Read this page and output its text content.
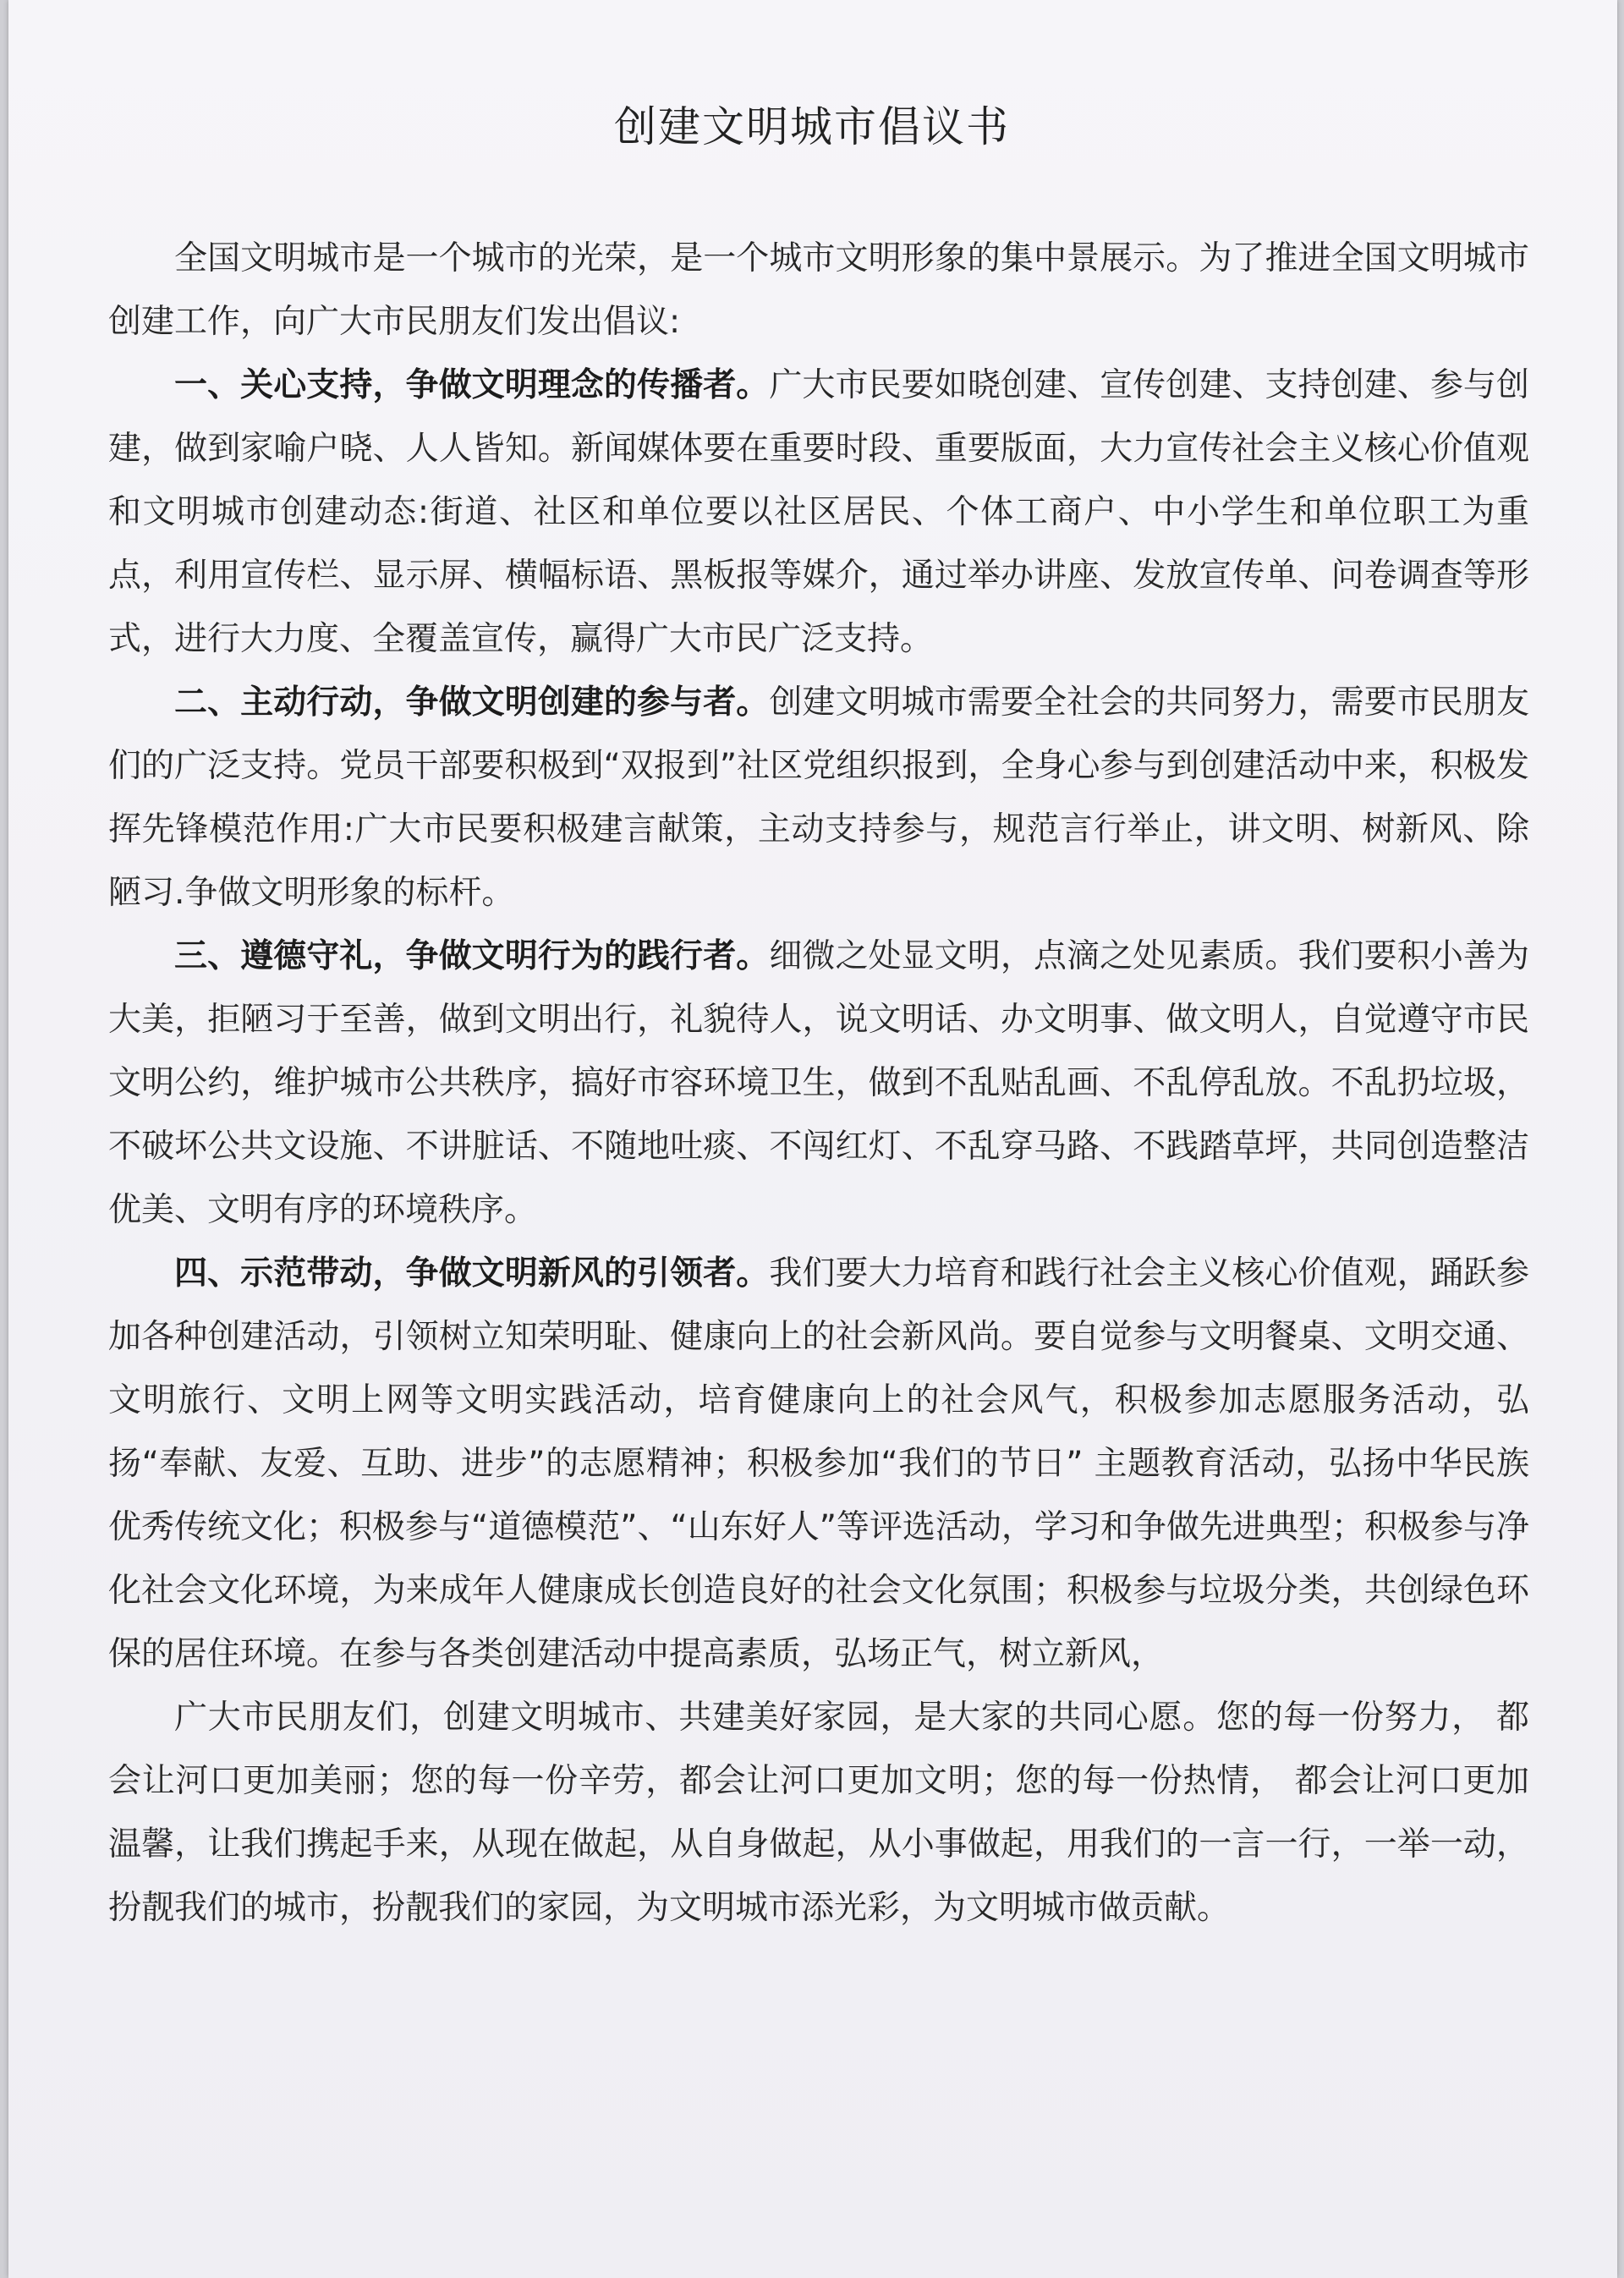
创建文明城市倡议书

全国文明城市是一个城市的光荣，是一个城市文明形象的集中景展示。为了推进全国文明城市创建工作，向广大市民朋友们发出倡议:

一、关心支持，争做文明理念的传播者。广大市民要如晓创建、宣传创建、支持创建、参与创建，做到家喻户晓、人人皆知。新闻媒体要在重要时段、重要版面，大力宣传社会主义核心价值观和文明城市创建动态:街道、社区和单位要以社区居民、个体工商户、中小学生和单位职工为重点，利用宣传栏、显示屏、横幅标语、黑板报等媒介，通过举办讲座、发放宣传单、问卷调查等形式，进行大力度、全覆盖宣传，赢得广大市民广泛支持。

二、主动行动，争做文明创建的参与者。创建文明城市需要全社会的共同努力，需要市民朋友们的广泛支持。党员干部要积极到“双报到”社区党组织报到，全身心参与到创建活动中来，积极发挥先锋模范作用:广大市民要积极建言献策，主动支持参与，规范言行举止，讲文明、树新风、除陋习.争做文明形象的标杆。

三、遵德守礼，争做文明行为的践行者。细微之处显文明，点滴之处见素质。我们要积小善为大美，拒陋习于至善，做到文明出行，礼貌待人，说文明话、办文明事、做文明人，自觉遵守市民文明公约，维护城市公共秩序，搞好市容环境卫生，做到不乱贴乱画、不乱停乱放。不乱扔垃圾，不破坏公共文设施、不讲脏话、不随地吐痰、不闯红灯、不乱穿马路、不践踏草坪，共同创造整洁优美、文明有序的环境秩序。

四、示范带动，争做文明新风的引领者。我们要大力培育和践行社会主义核心价值观，踊跃参加各种创建活动，引领树立知荣明耻、健康向上的社会新风尚。要自觉参与文明餐桌、文明交通、文明旅行、文明上网等文明实践活动，培育健康向上的社会风气，积极参加志愿服务活动，弘扬“奉献、友爱、互助、进步”的志愿精神；积极参加“我们的节日” 主题教育活动，弘扬中华民族优秀传统文化；积极参与“道德模范”、“山东好人”等评选活动，学习和争做先进典型；积极参与净化社会文化环境，为来成年人健康成长创造良好的社会文化氛围；积极参与垃圾分类，共创绿色环保的居住环境。在参与各类创建活动中提高素质，弘场正气，树立新风，

广大市民朋友们，创建文明城市、共建美好家园，是大家的共同心愿。您的每一份努力， 都会让河口更加美丽；您的每一份辛劳，都会让河口更加文明；您的每一份热情， 都会让河口更加温馨，让我们携起手来，从现在做起，从自身做起，从小事做起，用我们的一言一行，一举一动，扮靓我们的城市，扮靓我们的家园，为文明城市添光彩，为文明城市做贡献。
